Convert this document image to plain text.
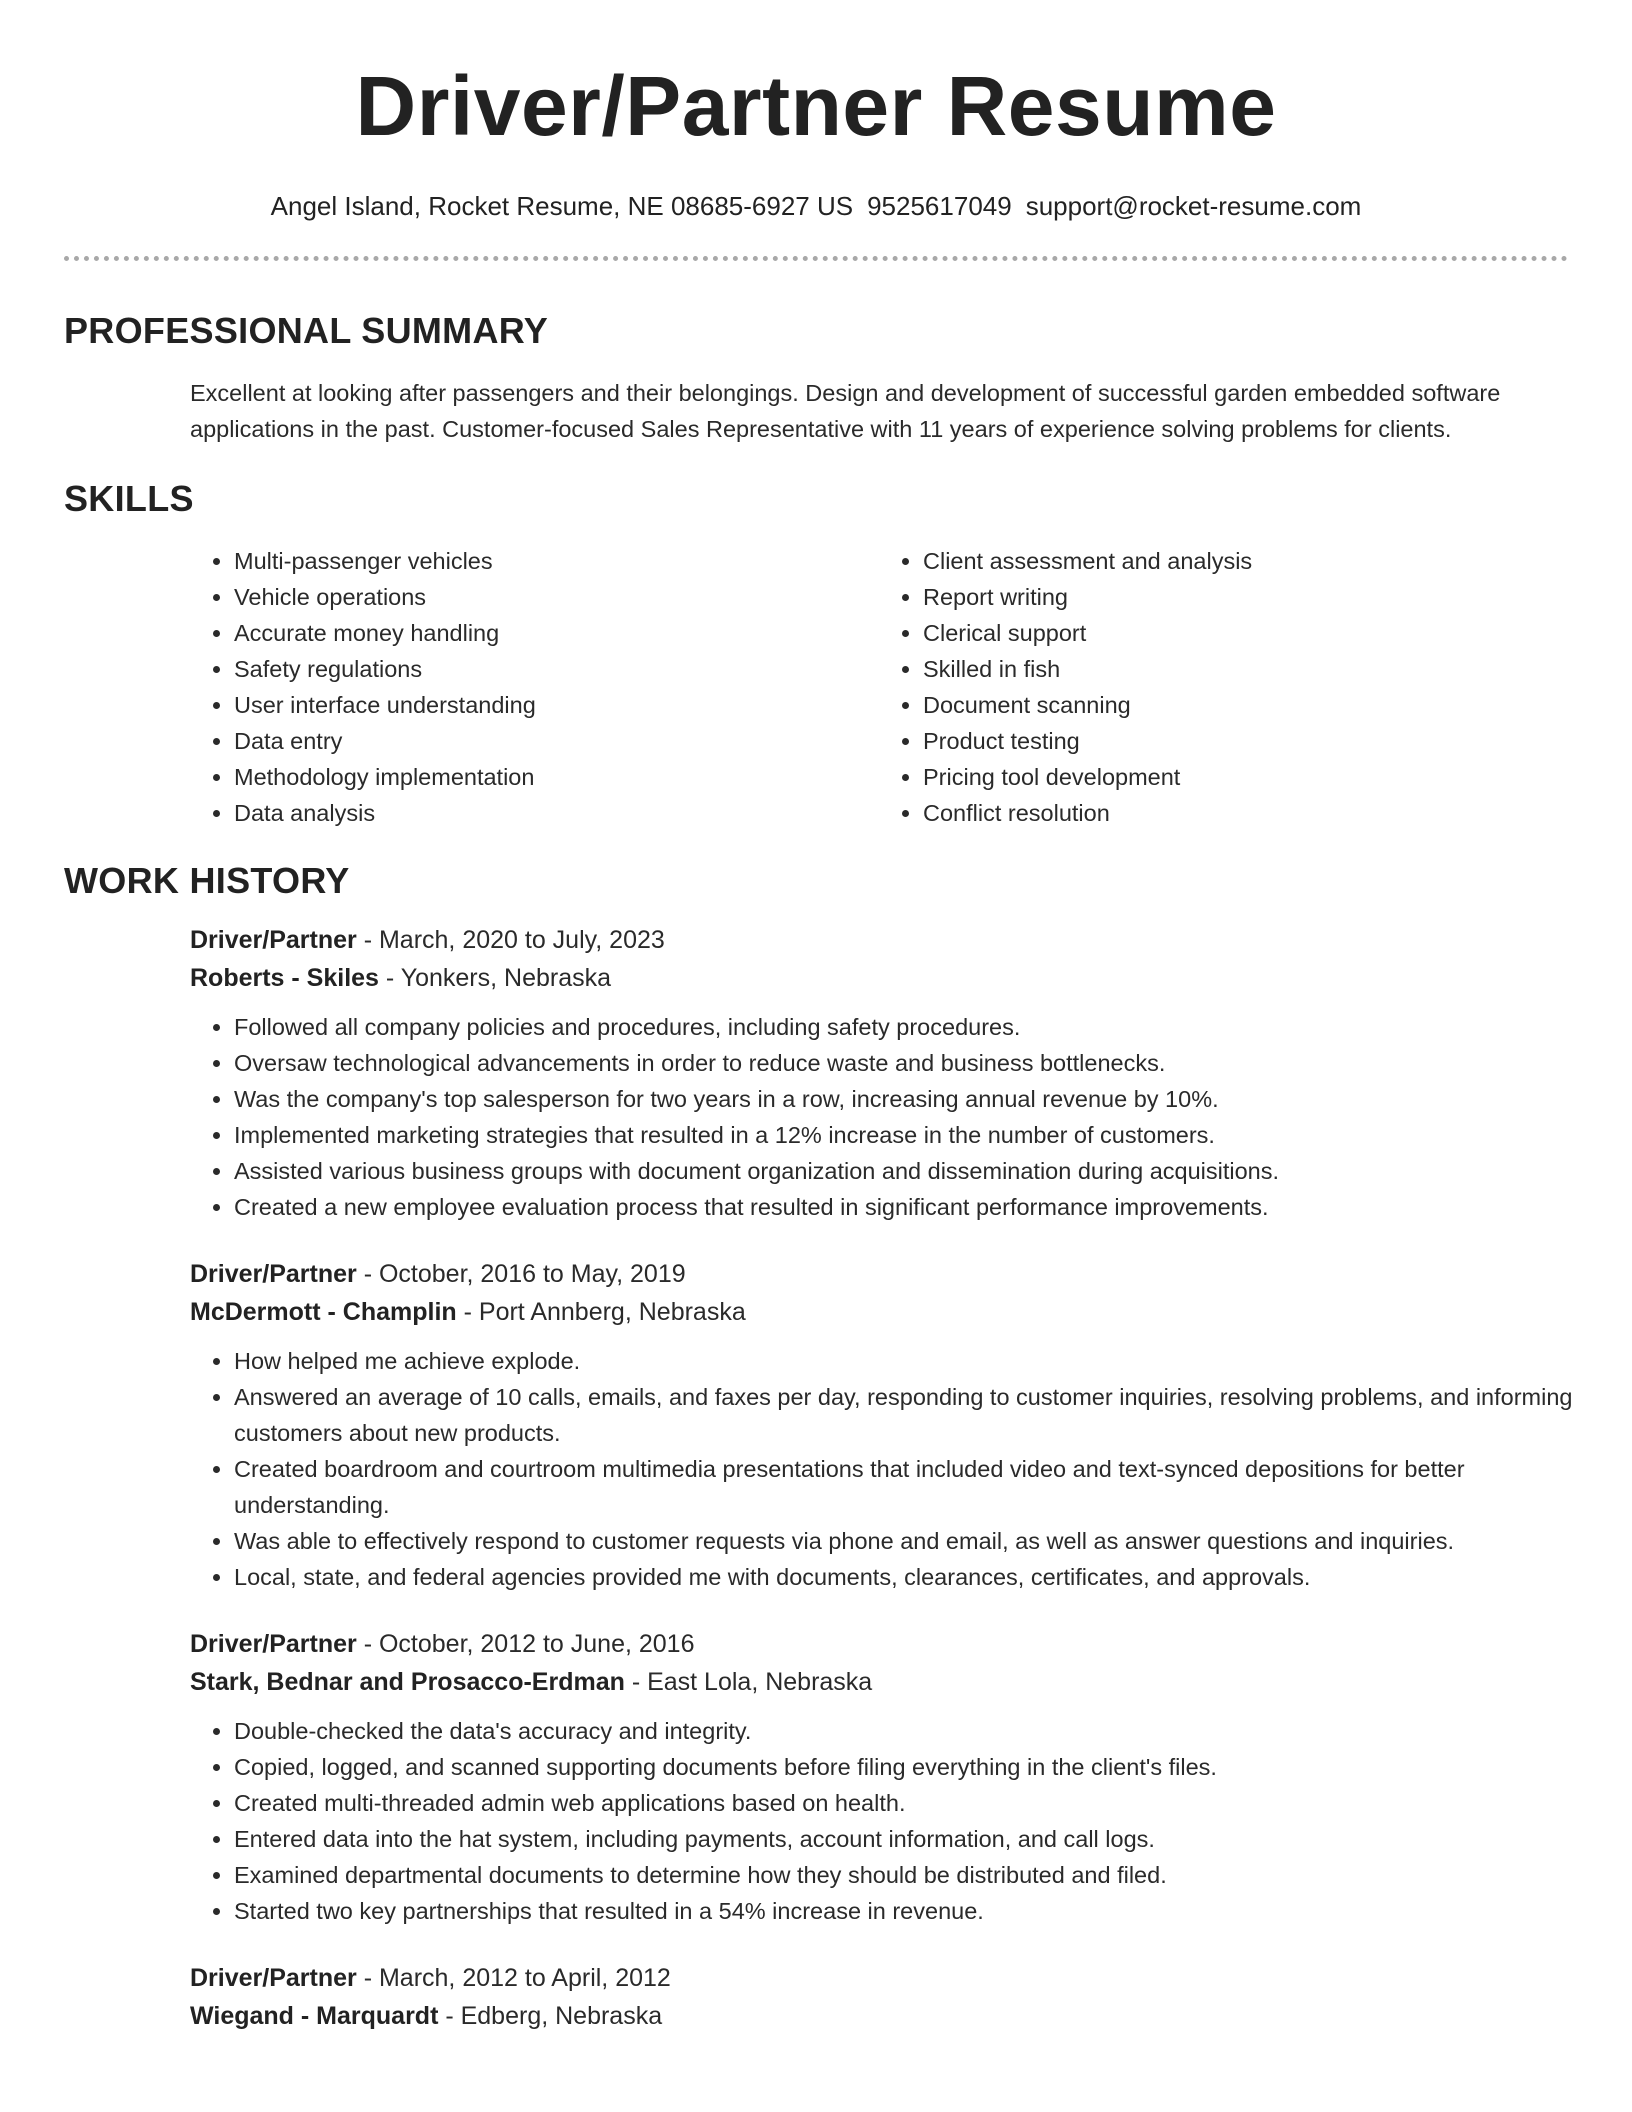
Driver/Partner Resume
Angel Island, Rocket Resume, NE 08685-6927 US 9525617049 support@rocket-resume.com
PROFESSIONAL SUMMARY

Excellent at looking after passengers and their belongings. Design and development of successful garden embedded software applications in the past. Customer-focused Sales Representative with 11 years of experience solving problems for clients.

SKILLS
• Multi-passenger vehicles
• Vehicle operations
• Accurate money handling
• Safety regulations
• User interface understanding
• Data entry
• Methodology implementation
• Data analysis
• Client assessment and analysis
• Report writing
• Clerical support
• Skilled in fish
• Document scanning
• Product testing
• Pricing tool development
• Conflict resolution
WORK HISTORY
Driver/Partner - March, 2020 to July, 2023
Roberts - Skiles - Yonkers, Nebraska
• Followed all company policies and procedures, including safety procedures.
• Oversaw technological advancements in order to reduce waste and business bottlenecks.
• Was the company's top salesperson for two years in a row, increasing annual revenue by 10%.
• Implemented marketing strategies that resulted in a 12% increase in the number of customers.
• Assisted various business groups with document organization and dissemination during acquisitions.
• Created a new employee evaluation process that resulted in significant performance improvements.
Driver/Partner - October, 2016 to May, 2019
McDermott - Champlin - Port Annberg, Nebraska
• How helped me achieve explode.
• Answered an average of 10 calls, emails, and faxes per day, responding to customer inquiries, resolving problems, and informing customers about new products.
• Created boardroom and courtroom multimedia presentations that included video and text-synced depositions for better understanding.
• Was able to effectively respond to customer requests via phone and email, as well as answer questions and inquiries.
• Local, state, and federal agencies provided me with documents, clearances, certificates, and approvals.
Driver/Partner - October, 2012 to June, 2016
Stark, Bednar and Prosacco-Erdman - East Lola, Nebraska
• Double-checked the data's accuracy and integrity.
• Copied, logged, and scanned supporting documents before filing everything in the client's files.
• Created multi-threaded admin web applications based on health.
• Entered data into the hat system, including payments, account information, and call logs.
• Examined departmental documents to determine how they should be distributed and filed.
• Started two key partnerships that resulted in a 54% increase in revenue.
Driver/Partner - March, 2012 to April, 2012
Wiegand - Marquardt - Edberg, Nebraska
